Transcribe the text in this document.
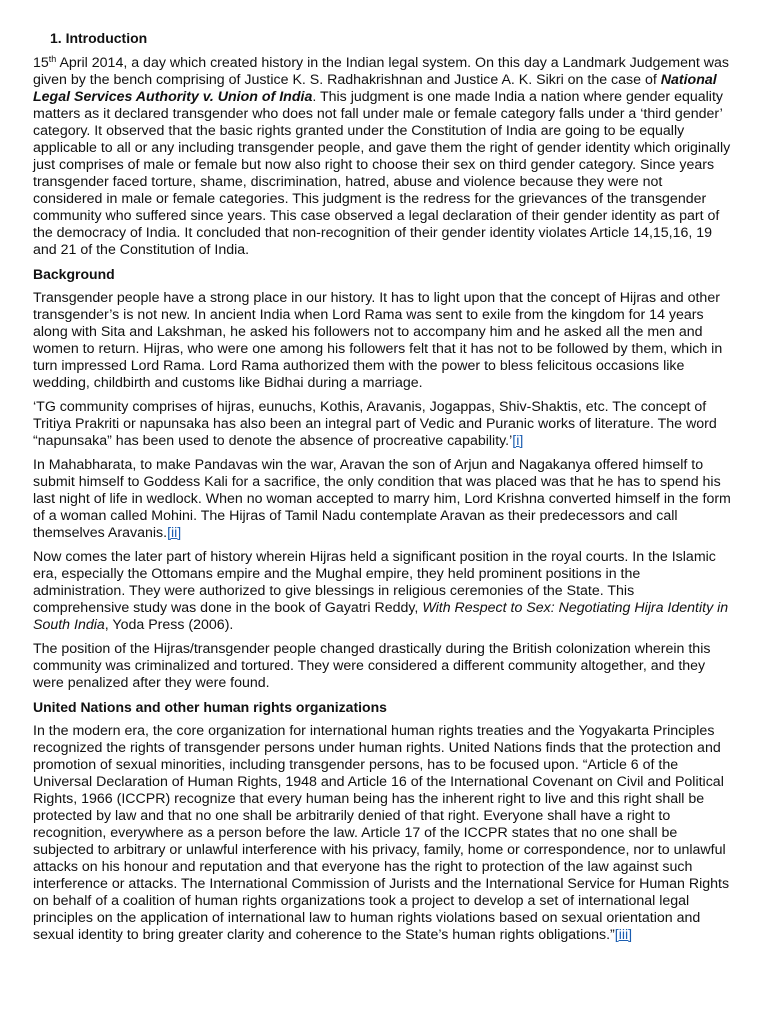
1. Introduction

15th April 2014, a day which created history in the Indian legal system. On this day a Landmark Judgement was given by the bench comprising of Justice K. S. Radhakrishnan and Justice A. K. Sikri on the case of National Legal Services Authority v. Union of India. This judgment is one made India a nation where gender equality matters as it declared transgender who does not fall under male or female category falls under a ‘third gender’ category. It observed that the basic rights granted under the Constitution of India are going to be equally applicable to all or any including transgender people, and gave them the right of gender identity which originally just comprises of male or female but now also right to choose their sex on third gender category. Since years transgender faced torture, shame, discrimination, hatred, abuse and violence because they were not considered in male or female categories. This judgment is the redress for the grievances of the transgender community who suffered since years. This case observed a legal declaration of their gender identity as part of the democracy of India. It concluded that non-recognition of their gender identity violates Article 14,15,16, 19 and 21 of the Constitution of India.

Background

Transgender people have a strong place in our history. It has to light upon that the concept of Hijras and other transgender’s is not new. In ancient India when Lord Rama was sent to exile from the kingdom for 14 years along with Sita and Lakshman, he asked his followers not to accompany him and he asked all the men and women to return. Hijras, who were one among his followers felt that it has not to be followed by them, which in turn impressed Lord Rama. Lord Rama authorized them with the power to bless felicitous occasions like wedding, childbirth and customs like Bidhai during a marriage.

‘TG community comprises of hijras, eunuchs, Kothis, Aravanis, Jogappas, Shiv-Shaktis, etc. The concept of Tritiya Prakriti or napunsaka has also been an integral part of Vedic and Puranic works of literature. The word “napunsaka” has been used to denote the absence of procreative capability.’[i]

In Mahabharata, to make Pandavas win the war, Aravan the son of Arjun and Nagakanya offered himself to submit himself to Goddess Kali for a sacrifice, the only condition that was placed was that he has to spend his last night of life in wedlock. When no woman accepted to marry him, Lord Krishna converted himself in the form of a woman called Mohini. The Hijras of Tamil Nadu contemplate Aravan as their predecessors and call themselves Aravanis.[ii]

Now comes the later part of history wherein Hijras held a significant position in the royal courts. In the Islamic era, especially the Ottomans empire and the Mughal empire, they held prominent positions in the administration. They were authorized to give blessings in religious ceremonies of the State. This comprehensive study was done in the book of Gayatri Reddy, With Respect to Sex: Negotiating Hijra Identity in South India, Yoda Press (2006).

The position of the Hijras/transgender people changed drastically during the British colonization wherein this community was criminalized and tortured. They were considered a different community altogether, and they were penalized after they were found.

United Nations and other human rights organizations

In the modern era, the core organization for international human rights treaties and the Yogyakarta Principles recognized the rights of transgender persons under human rights. United Nations finds that the protection and promotion of sexual minorities, including transgender persons, has to be focused upon. “Article 6 of the Universal Declaration of Human Rights, 1948 and Article 16 of the International Covenant on Civil and Political Rights, 1966 (ICCPR) recognize that every human being has the inherent right to live and this right shall be protected by law and that no one shall be arbitrarily denied of that right. Everyone shall have a right to recognition, everywhere as a person before the law. Article 17 of the ICCPR states that no one shall be subjected to arbitrary or unlawful interference with his privacy, family, home or correspondence, nor to unlawful attacks on his honour and reputation and that everyone has the right to protection of the law against such interference or attacks. The International Commission of Jurists and the International Service for Human Rights on behalf of a coalition of human rights organizations took a project to develop a set of international legal principles on the application of international law to human rights violations based on sexual orientation and sexual identity to bring greater clarity and coherence to the State’s human rights obligations.”[iii]
